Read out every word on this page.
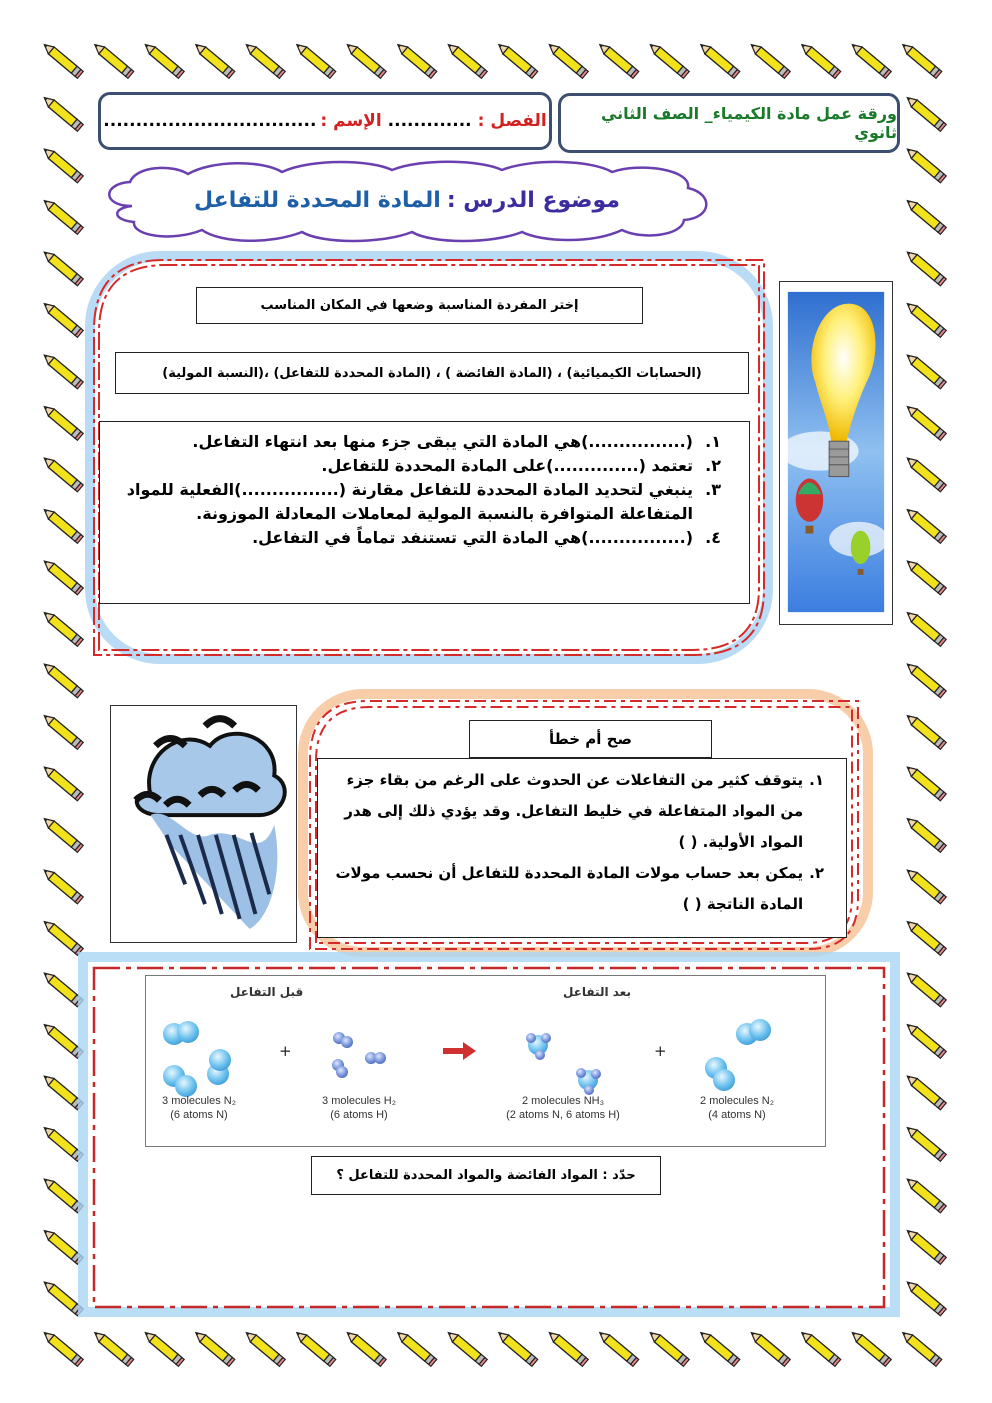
ورقة عمل مادة الكيمياء_ الصف الثاني ثانوي
الفصل :
.............
الإسم :
.................................
موضوع الدرس :
المادة المحددة للتفاعل
إختر المفردة المناسبة وضعها في المكان المناسب
(الحسابات الكيميائية) ، (المادة الفائضة ) ، (المادة المحددة للتفاعل) ،(النسبة المولية)
١.
(................)هي المادة التي يبقى جزء منها بعد انتهاء التفاعل.
٢.
تعتمد (..............)على المادة المحددة للتفاعل.
٣.
ينبغي لتحديد المادة المحددة للتفاعل مقارنة (................)الفعلية للمواد المتفاعلة المتوافرة بالنسبة المولية لمعاملات المعادلة الموزونة.
٤.
(................)هي المادة التي تستنفد تماماً في التفاعل.
صح أم خطأ
١.
يتوقف كثير من التفاعلات عن الحدوث على الرغم من بقاء جزء من المواد المتفاعلة في خليط التفاعل. وقد يؤدي ذلك إلى هدر المواد الأولية. ( )
٢.
يمكن بعد حساب مولات المادة المحددة للتفاعل أن نحسب مولات المادة الناتجة ( )
+	+
قبل التفاعل	بعد التفاعل
3 molecules N₂
(6 atoms N)
3 molecules H₂
(6 atoms H)
2 molecules NH₃
(2 atoms N, 6 atoms H)
2 molecules N₂
(4 atoms N)
حدّد : المواد الفائضة والمواد المحددة للتفاعل ؟
